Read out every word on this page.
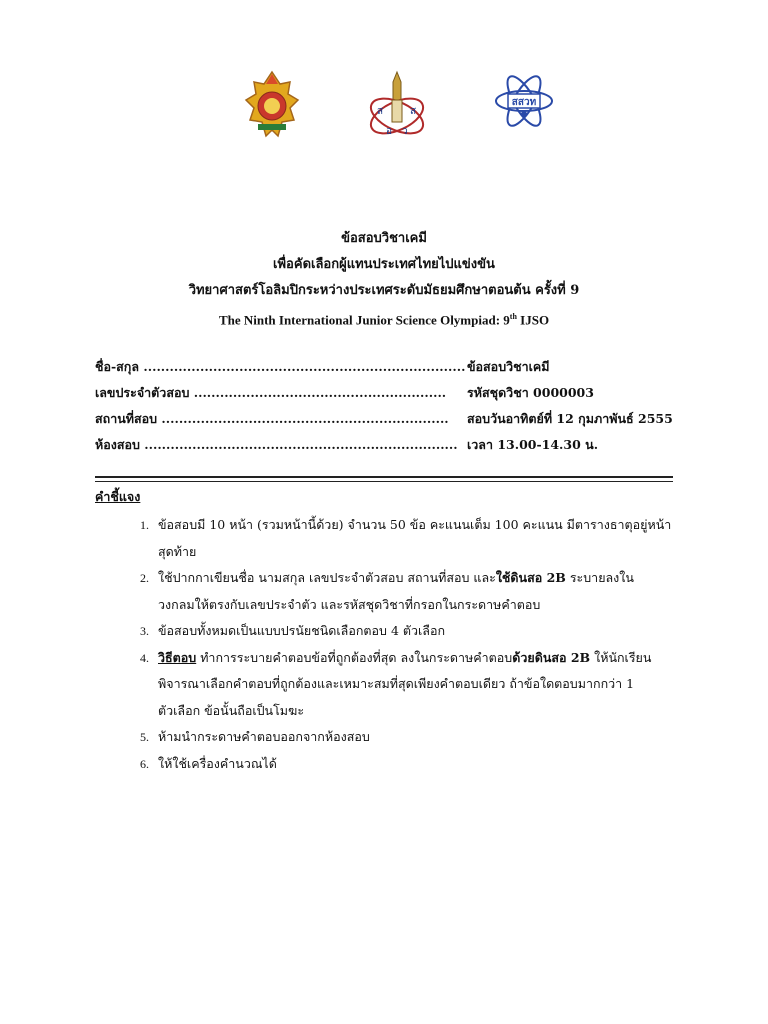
ส	ส
อ ว
สสวท
ข้อสอบวิชาเคมี
เพื่อคัดเลือกผู้แทนประเทศไทยไปแข่งขัน
วิทยาศาสตร์โอลิมปิกระหว่างประเทศระดับมัธยมศึกษาตอนต้น ครั้งที่ 9
The Ninth International Junior Science Olympiad: 9th IJSO
ชื่อ-สกุล .......................................................................... ข้อสอบวิชาเคมี
เลขประจำตัวสอบ .......................................................... รหัสชุดวิชา 0000003
สถานที่สอบ .................................................................. สอบวันอาทิตย์ที่ 12 กุมภาพันธ์ 2555
ห้องสอบ ........................................................................ เวลา 13.00-14.30 น.
คำชี้แจง
1. ข้อสอบมี 10 หน้า (รวมหน้านี้ด้วย) จำนวน 50 ข้อ คะแนนเต็ม 100 คะแนน มีตารางธาตุอยู่หน้า
สุดท้าย
2. ใช้ปากกาเขียนชื่อ นามสกุล เลขประจำตัวสอบ สถานที่สอบ และใช้ดินสอ 2B ระบายลงใน
วงกลมให้ตรงกับเลขประจำตัว และรหัสชุดวิชาที่กรอกในกระดาษคำตอบ
3. ข้อสอบทั้งหมดเป็นแบบปรนัยชนิดเลือกตอบ 4 ตัวเลือก
4. วิธีตอบ ทำการระบายคำตอบข้อที่ถูกต้องที่สุด ลงในกระดาษคำตอบด้วยดินสอ 2B ให้นักเรียน
พิจารณาเลือกคำตอบที่ถูกต้องและเหมาะสมที่สุดเพียงคำตอบเดียว ถ้าข้อใดตอบมากกว่า 1
ตัวเลือก ข้อนั้นถือเป็นโมฆะ
5. ห้ามนำกระดาษคำตอบออกจากห้องสอบ
6. ให้ใช้เครื่องคำนวณได้
